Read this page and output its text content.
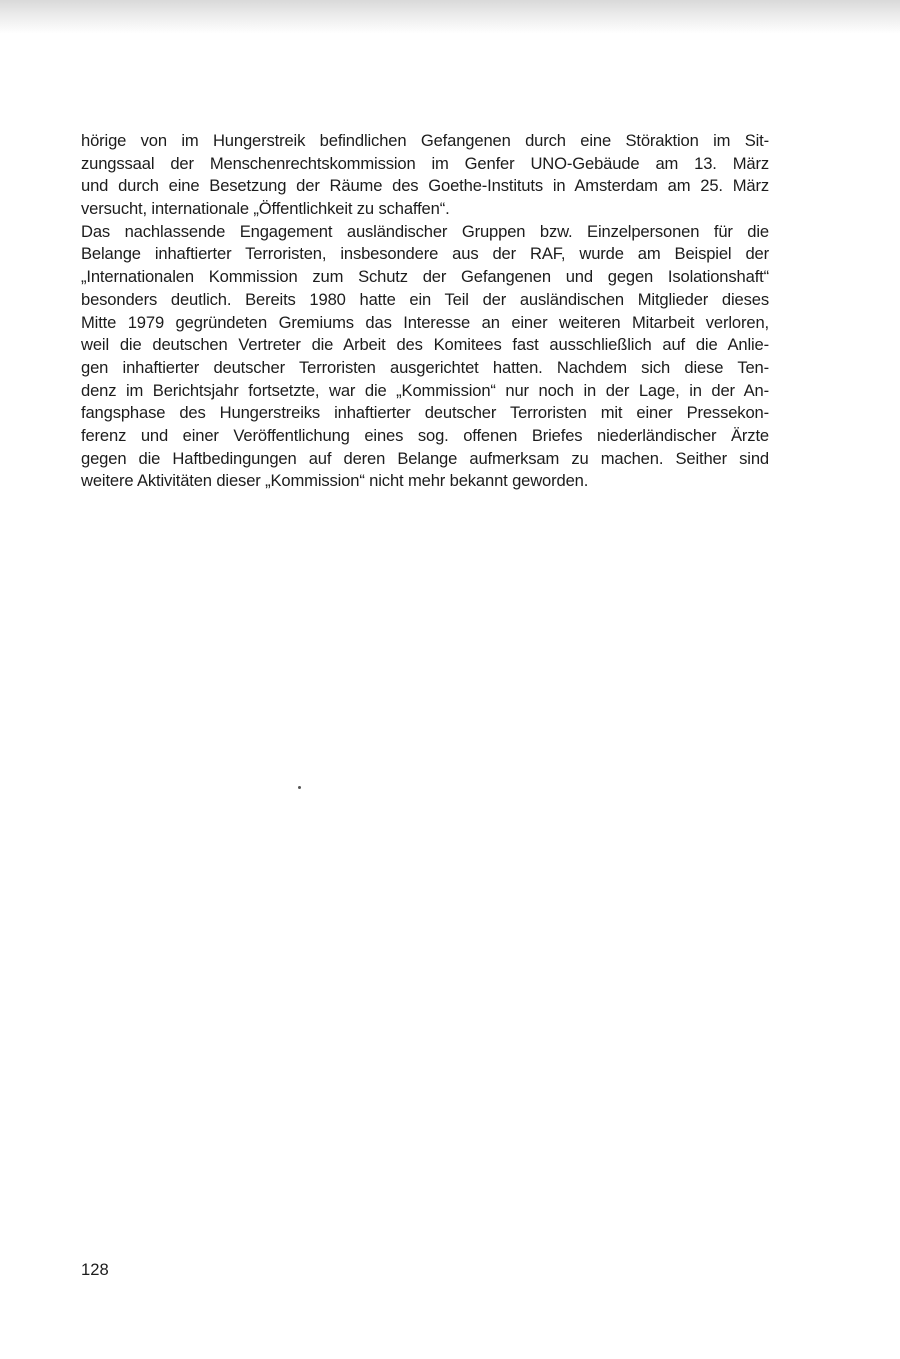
hörige von im Hungerstreik befindlichen Gefangenen durch eine Störaktion im Sit-
zungssaal der Menschenrechtskommission im Genfer UNO-Gebäude am 13. März
und durch eine Besetzung der Räume des Goethe-Instituts in Amsterdam am 25. März
versucht, internationale „Öffentlichkeit zu schaffen“.
Das nachlassende Engagement ausländischer Gruppen bzw. Einzelpersonen für die
Belange inhaftierter Terroristen, insbesondere aus der RAF, wurde am Beispiel der
„Internationalen Kommission zum Schutz der Gefangenen und gegen Isolationshaft“
besonders deutlich. Bereits 1980 hatte ein Teil der ausländischen Mitglieder dieses
Mitte 1979 gegründeten Gremiums das Interesse an einer weiteren Mitarbeit verloren,
weil die deutschen Vertreter die Arbeit des Komitees fast ausschließlich auf die Anlie-
gen inhaftierter deutscher Terroristen ausgerichtet hatten. Nachdem sich diese Ten-
denz im Berichtsjahr fortsetzte, war die „Kommission“ nur noch in der Lage, in der An-
fangsphase des Hungerstreiks inhaftierter deutscher Terroristen mit einer Pressekon-
ferenz und einer Veröffentlichung eines sog. offenen Briefes niederländischer Ärzte
gegen die Haftbedingungen auf deren Belange aufmerksam zu machen. Seither sind
weitere Aktivitäten dieser „Kommission“ nicht mehr bekannt geworden.
128
